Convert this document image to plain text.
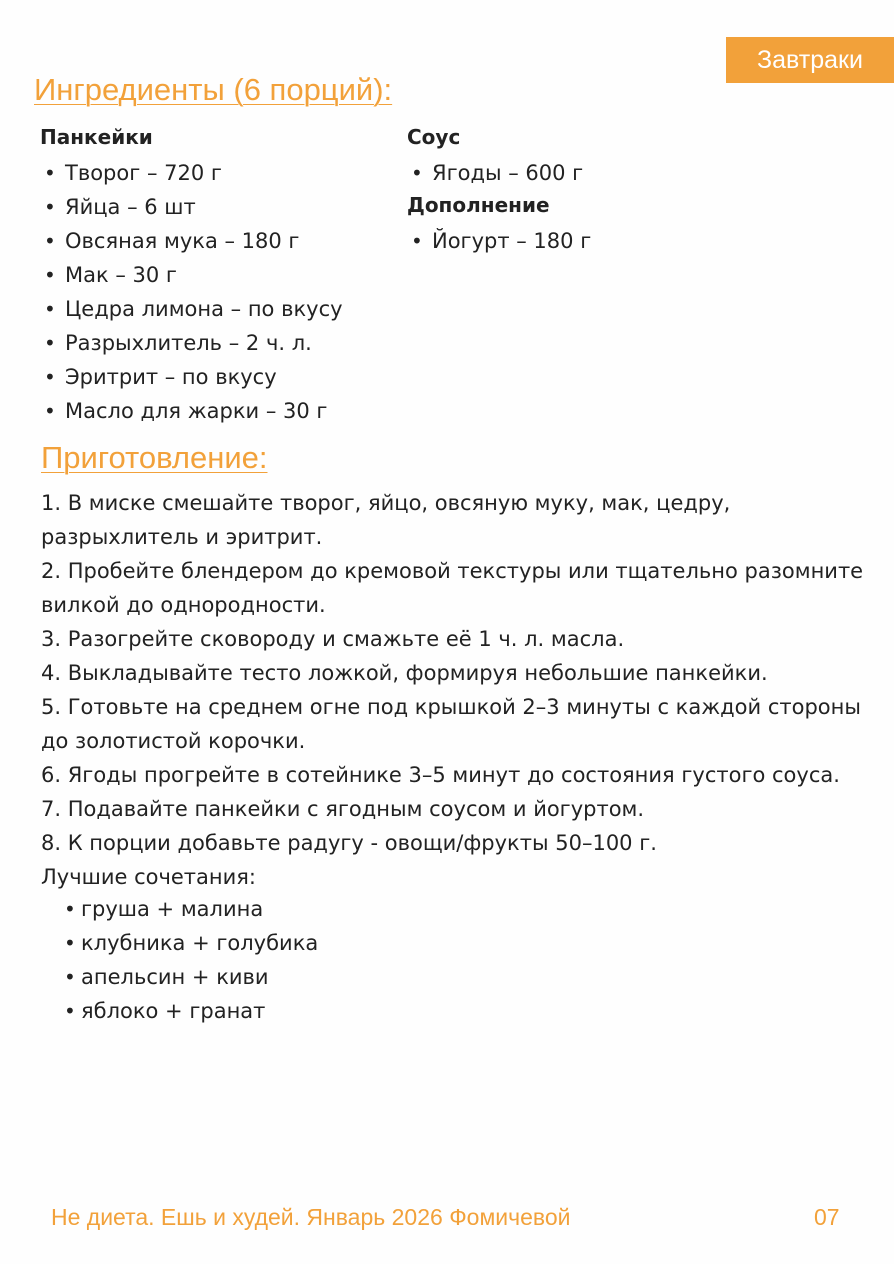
Завтраки
Ингредиенты (6 порций):
Панкейки
• Творог – 720 г
• Яйца – 6 шт
• Овсяная мука – 180 г
• Мак – 30 г
• Цедра лимона – по вкусу
• Разрыхлитель – 2 ч. л.
• Эритрит – по вкусу
• Масло для жарки – 30 г
Соус
• Ягоды – 600 г
Дополнение
• Йогурт – 180 г
Приготовление:

1. В миске смешайте творог, яйцо, овсяную муку, мак, цедру, разрыхлитель и эритрит.

2. Пробейте блендером до кремовой текстуры или тщательно разомните вилкой до однородности.

3. Разогрейте сковороду и смажьте её 1 ч. л. масла.

4. Выкладывайте тесто ложкой, формируя небольшие панкейки.

5. Готовьте на среднем огне под крышкой 2–3 минуты с каждой стороны до золотистой корочки.

6. Ягоды прогрейте в сотейнике 3–5 минут до состояния густого соуса.

7. Подавайте панкейки с ягодным соусом и йогуртом.

8. К порции добавьте радугу - овощи/фрукты 50–100 г.

Лучшие сочетания:

• груша + малина
• клубника + голубика
• апельсин + киви
• яблоко + гранат
Не диета. Ешь и худей. Январь 2026 Фомичевой	07
